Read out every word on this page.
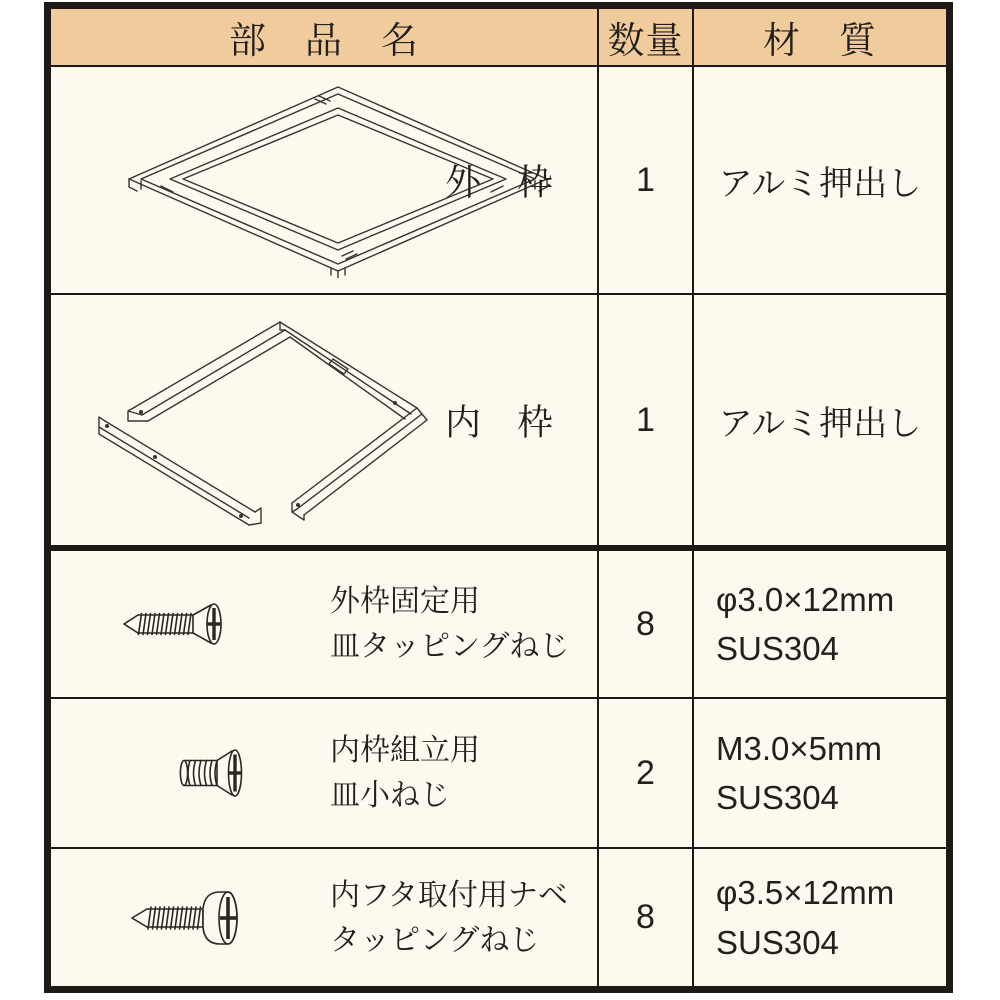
部　品　名	数量 材　質
外　枠 1 アルミ押出し
内　枠 1 アルミ押出し
外枠固定用
皿タッピングねじ
8
φ3.0×12mm
SUS304
内枠組立用
皿小ねじ
2
M3.0×5mm
SUS304
内フタ取付用ナベ
タッピングねじ
8
φ3.5×12mm
SUS304
